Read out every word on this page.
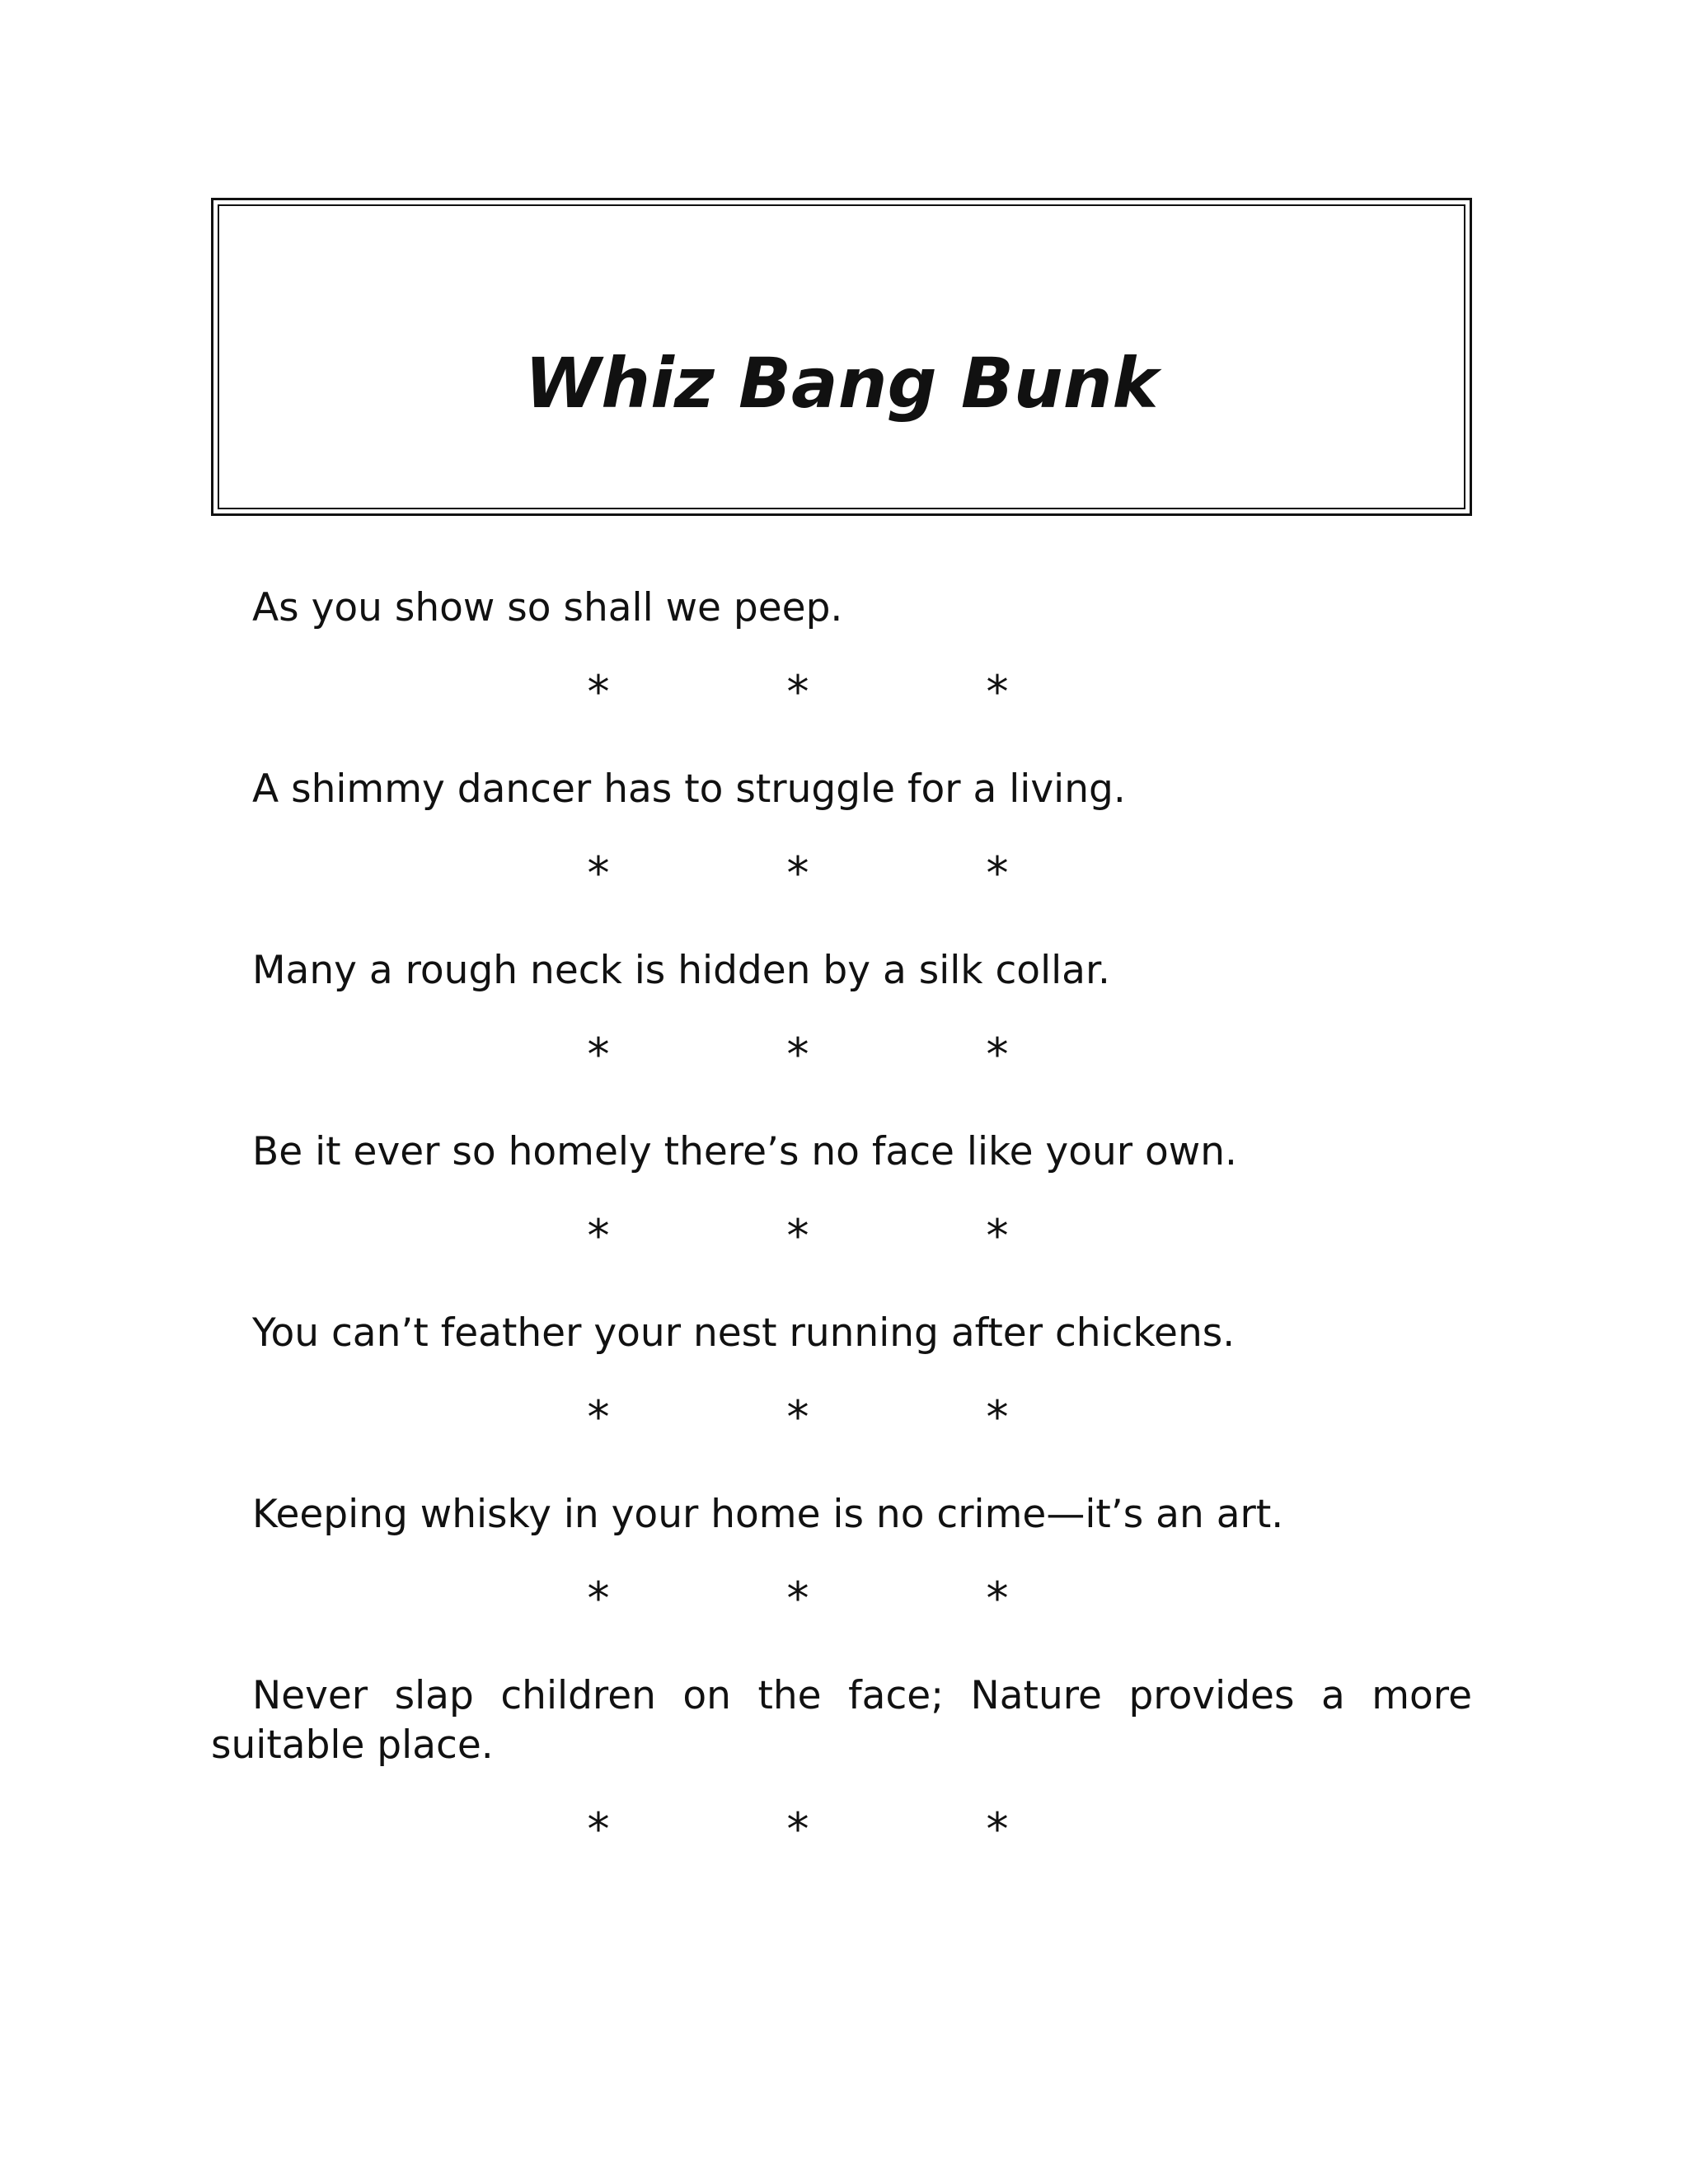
Whiz Bang Bunk

As you show so shall we peep.

*	*	*

A shimmy dancer has to struggle for a living.

*	*	*

Many a rough neck is hidden by a silk collar.

*	*	*

Be it ever so homely there’s no face like your own.

*	*	*

You can’t feather your nest running after chickens.

*	*	*

Keeping whisky in your home is no crime—it’s an art.

*	*	*

Never slap children on the face; Nature provides a more suitable place.

*	*	*
